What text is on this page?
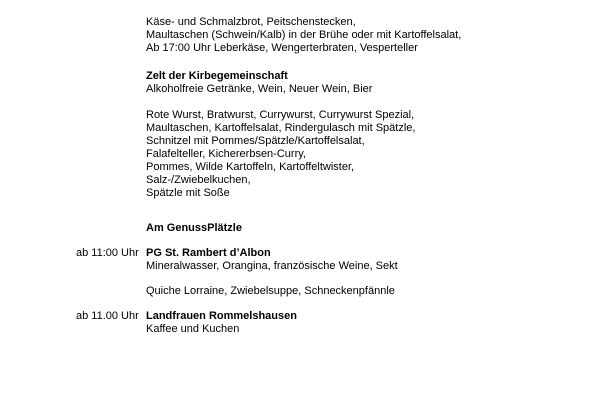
Käse- und Schmalzbrot, Peitschenstecken,
Maultaschen (Schwein/Kalb) in der Brühe oder mit Kartoffelsalat,
Ab 17:00 Uhr Leberkäse, Wengerterbraten, Vesperteller
Zelt der Kirbegemeinschaft
Alkoholfreie Getränke, Wein, Neuer Wein, Bier
Rote Wurst, Bratwurst, Currywurst, Currywurst Spezial,
Maultaschen, Kartoffelsalat, Rindergulasch mit Spätzle,
Schnitzel mit Pommes/Spätzle/Kartoffelsalat,
Falafelteller, Kichererbsen-Curry,
Pommes, Wilde Kartoffeln, Kartoffeltwister,
Salz-/Zwiebelkuchen,
Spätzle mit Soße
Am GenussPlätzle
ab 11:00 Uhr PG St. Rambert d’Albon
Mineralwasser, Orangina, französische Weine, Sekt
Quiche Lorraine, Zwiebelsuppe, Schneckenpfännle
ab 11.00 Uhr Landfrauen Rommelshausen
Kaffee und Kuchen
